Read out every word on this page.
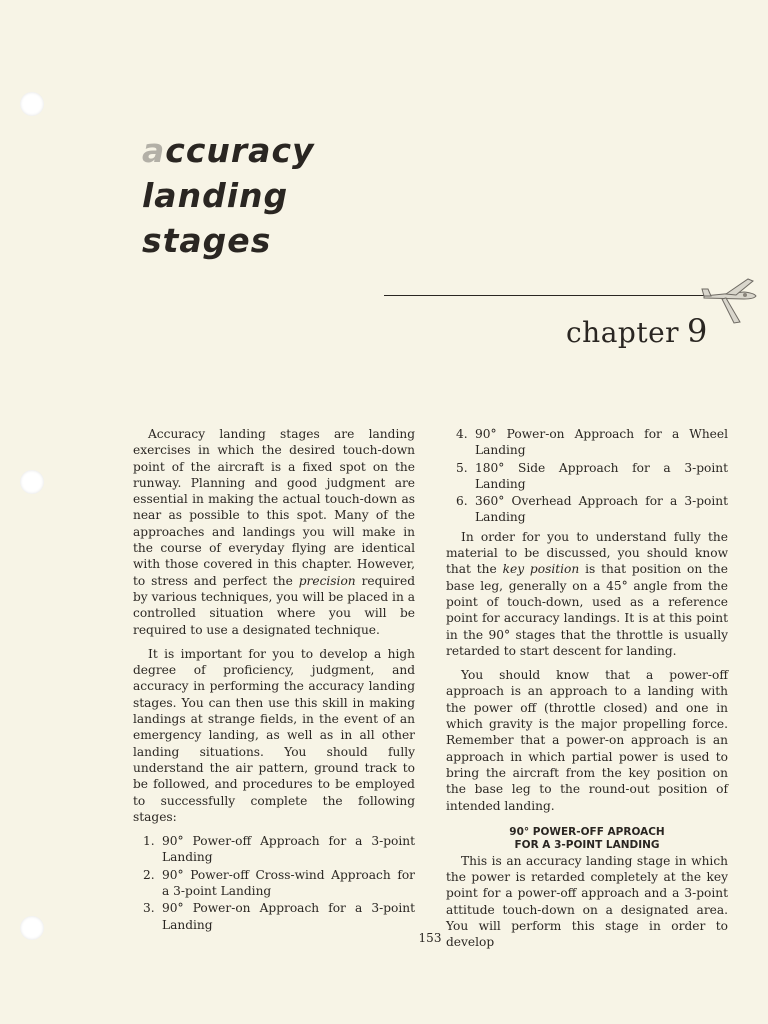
accuracy
landing
stages
chapter 9

Accuracy landing stages are landing exercises in which the desired touch-down point of the aircraft is a fixed spot on the runway. Planning and good judgment are essential in making the actual touch-down as near as possible to this spot. Many of the approaches and landings you will make in the course of everyday flying are identical with those covered in this chapter. However, to stress and perfect the precision required by various techniques, you will be placed in a controlled situation where you will be required to use a designated technique.

It is important for you to develop a high degree of proficiency, judgment, and accuracy in performing the accuracy landing stages. You can then use this skill in making landings at strange fields, in the event of an emergency landing, as well as in all other landing situations. You should fully understand the air pattern, ground track to be followed, and procedures to be employed to successfully complete the following stages:

1. 90° Power-off Approach for a 3-point Landing
2. 90° Power-off Cross-wind Approach for a 3-point Landing
3. 90° Power-on Approach for a 3-point Landing
4. 90° Power-on Approach for a Wheel Landing
5. 180° Side Approach for a 3-point Landing
6. 360° Overhead Approach for a 3-point Landing

In order for you to understand fully the material to be discussed, you should know that the key position is that position on the base leg, generally on a 45° angle from the point of touch-down, used as a reference point for accuracy landings. It is at this point in the 90° stages that the throttle is usually retarded to start descent for landing.

You should know that a power-off approach is an approach to a landing with the power off (throttle closed) and one in which gravity is the major propelling force. Remember that a power-on approach is an approach in which partial power is used to bring the aircraft from the key position on the base leg to the round-out position of intended landing.

90° POWER-OFF APROACH
FOR A 3-POINT LANDING

This is an accuracy landing stage in which the power is retarded completely at the key point for a power-off approach and a 3-point attitude touch-down on a designated area. You will perform this stage in order to develop

153
